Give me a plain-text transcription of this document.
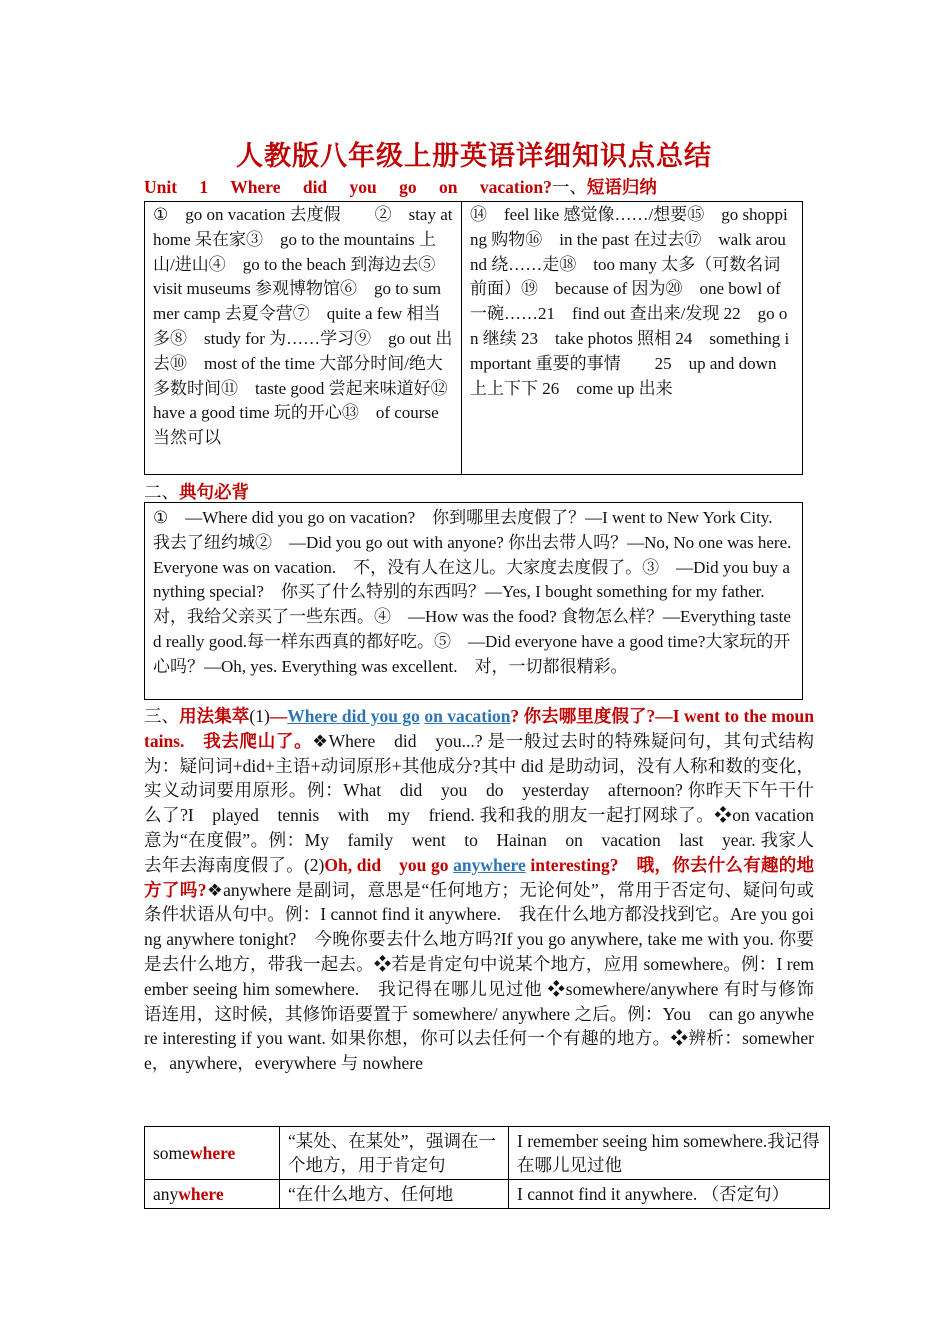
人教版八年级上册英语详细知识点总结
Unit 1 Where did you go on vacation?一、短语归纳
①　go on vacation 去度假　　②　stay at home 呆在家③　go to the mountains 上山/进山④　go to the beach 到海边去⑤　visit museums 参观博物馆⑥　go to summer camp 去夏令营⑦　quite a few 相当多⑧　study for 为……学习⑨　go out 出去⑩　most of the time 大部分时间/绝大多数时间⑪　taste good 尝起来味道好⑫　have a good time 玩的开心⑬　of course 当然可以
⑭　feel like 感觉像……/想要⑮　go shopping 购物⑯　in the past 在过去⑰　walk around 绕……走⑱　too many 太多（可数名词前面）⑲　because of 因为⑳　one bowl of 一碗……21　find out 查出来/发现 22　go on 继续 23　take photos 照相 24　something important 重要的事情　　25　up and down 上上下下 26　come up 出来
二、典句必背
①　—Where did you go on vacation?　你到哪里去度假了？—I went to New York City.　我去了纽约城②　—Did you go out with anyone? 你出去带人吗？—No, No one was here. Everyone was on vacation.　不，没有人在这儿。大家度去度假了。③　—Did you buy anything special?　你买了什么特别的东西吗？—Yes, I bought something for my father.　对，我给父亲买了一些东西。④　—How was the food? 食物怎么样？—Everything tasted really good.每一样东西真的都好吃。⑤　—Did everyone have a good time?大家玩的开心吗？—Oh, yes. Everything was excellent.　对，一切都很精彩。
三、用法集萃(1)—Where did you go on vacation? 你去哪里度假了?—I went to the mountains.　我去爬山了。❖Where　did　you...? 是一般过去时的特殊疑问句，其句式结构为：疑问词+did+主语+动词原形+其他成分?其中 did 是助动词，没有人称和数的变化，实义动词要用原形。例：What　did　you　do　yesterday　afternoon? 你昨天下午干什么了?I　played　tennis　with　my　friend. 我和我的朋友一起打网球了。❖on vacation 意为“在度假”。例：My　family　went　to　Hainan　on　vacation　last　year. 我家人去年去海南度假了。(2)Oh, did　you go anywhere interesting?　哦，你去什么有趣的地方了吗?❖anywhere 是副词，意思是“任何地方；无论何处”，常用于否定句、疑问句或条件状语从句中。例：I cannot find it anywhere.　我在什么地方都没找到它。Are you going anywhere tonight?　今晚你要去什么地方吗?If you go anywhere, take me with you. 你要是去什么地方，带我一起去。❖若是肯定句中说某个地方，应用 somewhere。例：I remember seeing him somewhere.　我记得在哪儿见过他 ❖somewhere/anywhere 有时与修饰语连用，这时候，其修饰语要置于 somewhere/ anywhere 之后。例：You　can go anywhere interesting if you want. 如果你想，你可以去任何一个有趣的地方。❖辨析：somewhere，anywhere，everywhere 与 nowhere
somewhere	“某处、在某处”，强调在一个地方，用于肯定句	I remember seeing him somewhere.我记得在哪儿见过他
anywhere	“在什么地方、任何地	I cannot find it anywhere. （否定句）
